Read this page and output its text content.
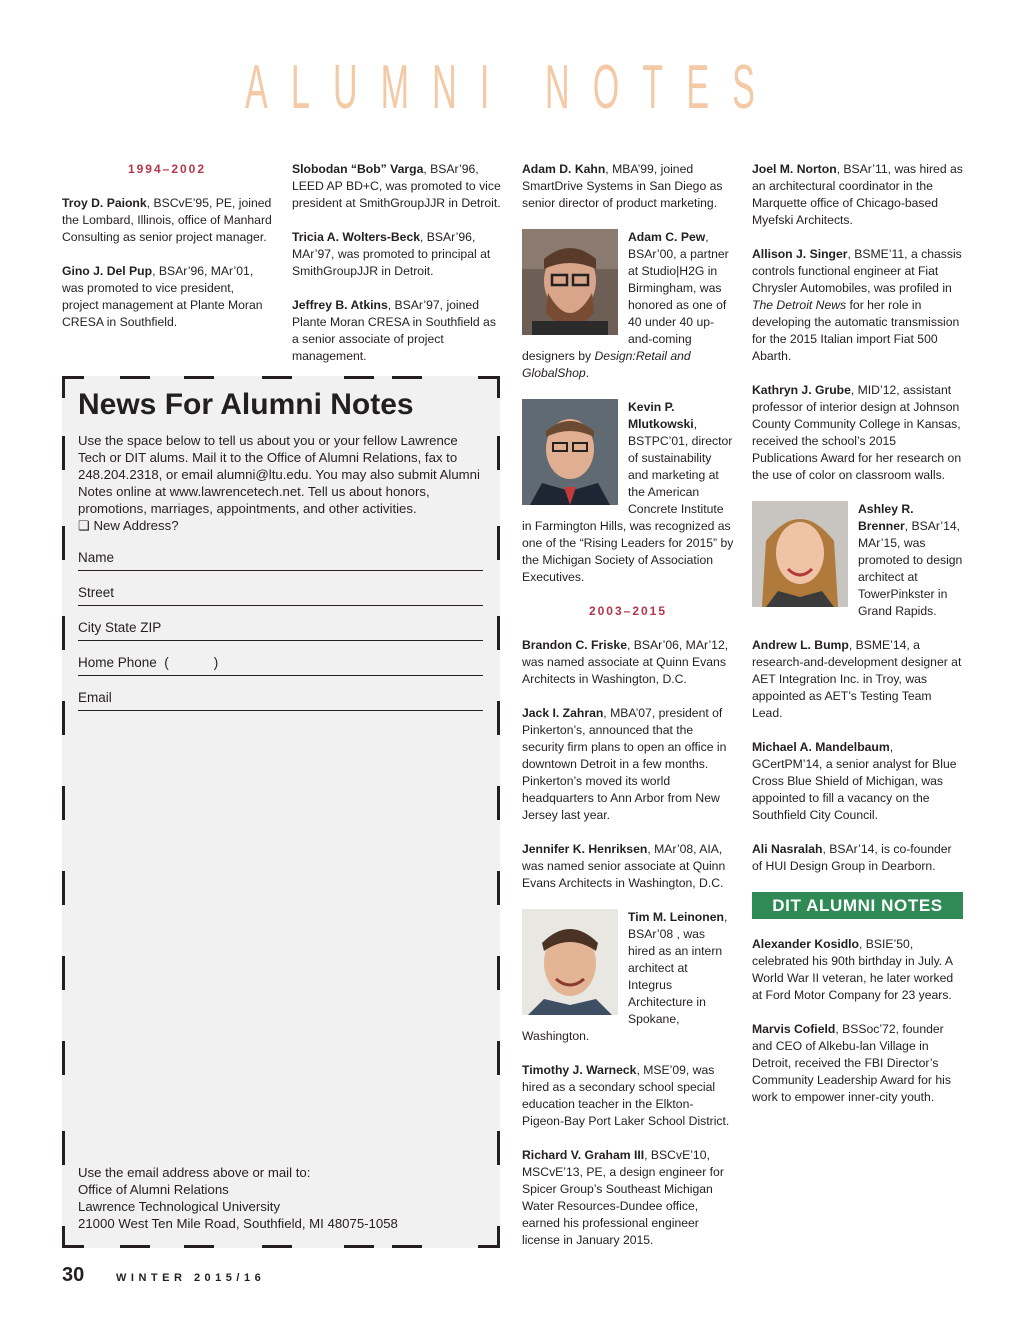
ALUMNI NOTES
1994–2002

Troy D. Paionk, BSCvE’95, PE, joined the Lombard, Illinois, office of Manhard Consulting as senior project manager.

Gino J. Del Pup, BSAr’96, MAr’01, was promoted to vice president, project management at Plante Moran CRESA in Southfield.

Slobodan “Bob” Varga, BSAr’96, LEED AP BD+C, was promoted to vice president at SmithGroupJJR in Detroit.

Tricia A. Wolters-Beck, BSAr’96, MAr’97, was promoted to principal at SmithGroupJJR in Detroit.

Jeffrey B. Atkins, BSAr’97, joined Plante Moran CRESA in Southfield as a senior associate of project management.

News For Alumni Notes

Use the space below to tell us about you or your fellow Lawrence Tech or DIT alums. Mail it to the Office of Alumni Relations, fax to 248.204.2318, or email alumni@ltu.edu. You may also submit Alumni Notes online at www.lawrencetech.net. Tell us about honors, promotions, marriages, appointments, and other activities.

❏ New Address?
Name
Street
City State ZIP
Home Phone  (            )
Email
Use the email address above or mail to:
Office of Alumni Relations
Lawrence Technological University
21000 West Ten Mile Road, Southfield, MI 48075-1058

Adam D. Kahn, MBA’99, joined SmartDrive Systems in San Diego as senior director of product marketing.

Adam C. Pew, BSAr’00, a partner at Studio|H2G in Birmingham, was honored as one of 40 under 40 up-and-coming designers by Design:Retail and GlobalShop.
Kevin P. Mlutkowski, BSTPC’01, director of sustainability and marketing at the American Concrete Institute in Farmington Hills, was recognized as one of the “Rising Leaders for 2015” by the Michigan Society of Association Executives.
2003–2015

Brandon C. Friske, BSAr’06, MAr’12, was named associate at Quinn Evans Architects in Washington, D.C.

Jack I. Zahran, MBA’07, president of Pinkerton’s, announced that the security firm plans to open an office in downtown Detroit in a few months. Pinkerton’s moved its world headquarters to Ann Arbor from New Jersey last year.

Jennifer K. Henriksen, MAr’08, AIA, was named senior associate at Quinn Evans Architects in Washington, D.C.

Tim M. Leinonen, BSAr’08 , was hired as an intern architect at Integrus Architecture in Spokane, Washington.

Timothy J. Warneck, MSE’09, was hired as a secondary school special education teacher in the Elkton-Pigeon-Bay Port Laker School District.

Richard V. Graham III, BSCvE’10, MSCvE’13, PE, a design engineer for Spicer Group’s Southeast Michigan Water Resources-Dundee office, earned his professional engineer license in January 2015.

Joel M. Norton, BSAr’11, was hired as an architectural coordinator in the Marquette office of Chicago-based Myefski Architects.

Allison J. Singer, BSME’11, a chassis controls functional engineer at Fiat Chrysler Automobiles, was profiled in The Detroit News for her role in developing the automatic transmission for the 2015 Italian import Fiat 500 Abarth.

Kathryn J. Grube, MID’12, assistant professor of interior design at Johnson County Community College in Kansas, received the school’s 2015 Publications Award for her research on the use of color on classroom walls.

Ashley R. Brenner, BSAr’14, MAr’15, was promoted to design architect at TowerPinkster in Grand Rapids.

Andrew L. Bump, BSME’14, a research-and-development designer at AET Integration Inc. in Troy, was appointed as AET’s Testing Team Lead.

Michael A. Mandelbaum, GCertPM’14, a senior analyst for Blue Cross Blue Shield of Michigan, was appointed to fill a vacancy on the Southfield City Council.

Ali Nasralah, BSAr’14, is co-founder of HUI Design Group in Dearborn.

DIT ALUMNI NOTES

Alexander Kosidlo, BSIE’50, celebrated his 90th birthday in July. A World War II veteran, he later worked at Ford Motor Company for 23 years.

Marvis Cofield, BSSoc’72, founder and CEO of Alkebu-lan Village in Detroit, received the FBI Director’s Community Leadership Award for his work to empower inner-city youth.

30	WINTER 2015/16
